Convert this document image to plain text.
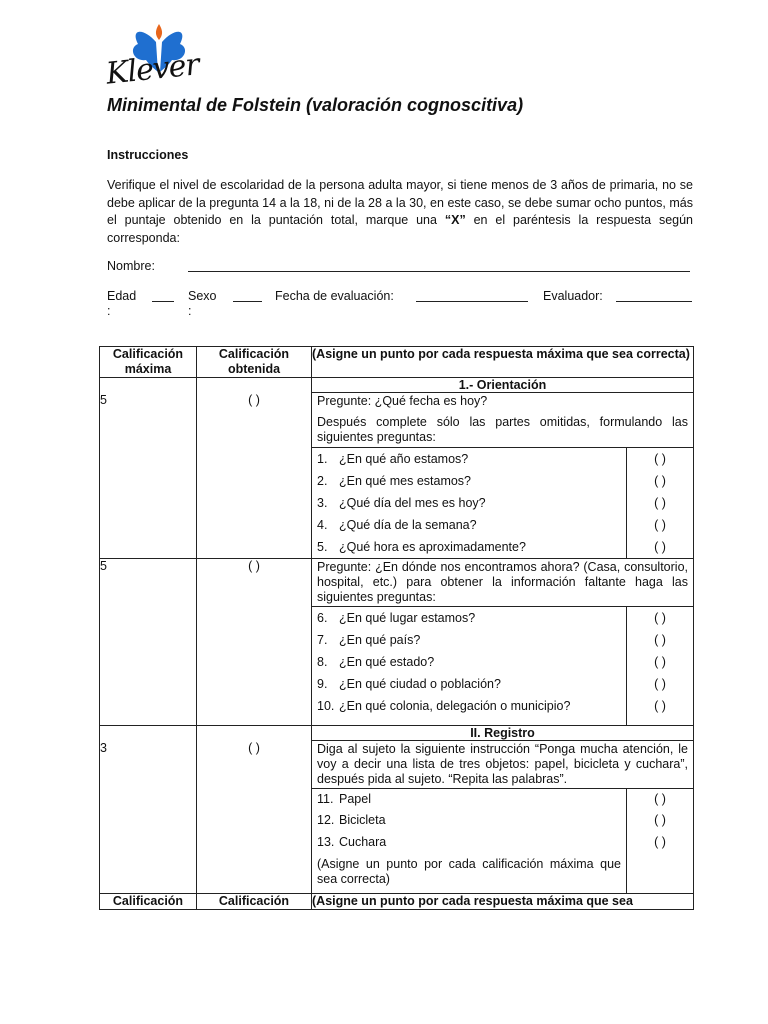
Klever
Minimental de Folstein (valoración cognoscitiva)
Instrucciones
Verifique el nivel de escolaridad de la persona adulta mayor, si tiene menos de 3 años de primaria, no se debe aplicar de la pregunta 14 a la 18, ni de la 28 a la 30, en este caso, se debe sumar ocho puntos, más el puntaje obtenido en la puntación total, marque una “X” en el paréntesis la respuesta según corresponda:
Nombre:
Edad
:
Sexo
:
Fecha de evaluación:	Evaluador:
Calificación máxima	Calificación obtenida	(Asigne un punto por cada respuesta máxima que sea correcta)
		1.- Orientación
5	( )	Pregunte: ¿Qué fecha es hoy?
Después complete sólo las partes omitidas, formulando las siguientes preguntas:
1. ¿En qué año estamos?	( )
2. ¿En qué mes estamos?	( )
3. ¿Qué día del mes es hoy?	( )
4. ¿Qué día de la semana?	( )
5. ¿Qué hora es aproximadamente?	( )

5	( )	Pregunte: ¿En dónde nos encontramos ahora? (Casa, consultorio, hospital, etc.) para obtener la información faltante haga las siguientes preguntas:
6. ¿En qué lugar estamos?	( )
7. ¿En qué país?	( )
8. ¿En qué estado?	( )
9. ¿En qué ciudad o población?	( )
10. ¿En qué colonia, delegación o municipio?	( )

		II. Registro
3	( )	Diga al sujeto la siguiente instrucción “Ponga mucha atención, le voy a decir una lista de tres objetos: papel, bicicleta y cuchara”, después pida al sujeto. “Repita las palabras”.
11. Papel	( )
12. Bicicleta	( )
13. Cuchara	( )
(Asigne un punto por cada calificación máxima que sea correcta)	

Calificación	Calificación	(Asigne un punto por cada respuesta máxima que sea
